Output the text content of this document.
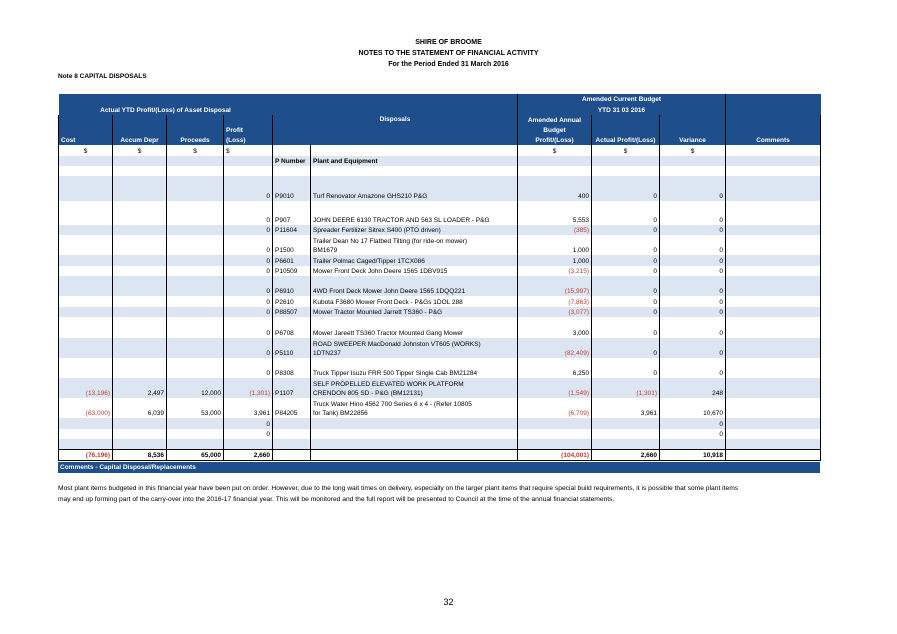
SHIRE OF BROOME
NOTES TO THE STATEMENT OF FINANCIAL ACTIVITY
For the Period Ended 31 March 2016
Note 8 CAPITAL DISPOSALS
						Amended Current Budget			
Actual YTD Profit/(Loss) of Asset Disposal						YTD 31 03 2016			
				Disposals		Amended Annual			
			Profit			Budget			
Cost	Accum Depr	Proceeds	(Loss)			Profit/(Loss)	Actual Profit/(Loss)	Variance	Comments
$	$	$	$			$	$	$	
				P Number	Plant and Equipment				

			0	P9010	Turf Renovator Amazone GHS210 P&G	400	0	0	

			0	P907	JOHN DEERE 6130 TRACTOR AND 563 SL LOADER - P&G	5,553	0	0	
			0	P11604	Spreader Fertilizer Sitrex S400 (PTO driven)	(385)	0	0	
			0	P1500	Trailer Dean No 17 Flatbed Tilting (for ride-on mower)
BM1679	1,000	0	0	
			0	P6601	Trailer Polmac Caged/Tipper 1TCX086	1,000	0	0	
			0	P10509	Mower Front Deck John Deere 1565 1DBV915	(3,215)	0	0	

			0	P6910	4WD Front Deck Mower John Deere 1565 1DQQ221	(15,997)	0	0	
			0	P2610	Kubota F3680 Mower Front Deck - P&Gs 1DOL 288	(7,863)	0	0	
			0	P88507	Mower Tractor Mounted Jarrett TS360 - P&G	(3,077)	0	0	

			0	P6708	Mower Jareett TS360 Tractor Mounted Gang Mower	3,000	0	0	
			0	P5110	ROAD SWEEPER MacDonald Johnston VT605 (WORKS)
1DTN237	(82,409)	0	0	

			0	P8308	Truck Tipper Isuzu FRR 500 Tipper Single Cab BM21284	6,250	0	0	
(13,196)	2,497	12,000	(1,301)	P1107	SELF PROPELLED ELEVATED WORK PLATFORM
CRENDON 805 SD - P&G (BM12131)	(1,549)	(1,301)	248	
(63,000)	6,039	53,000	3,961	P84205	Truck Water Hino 4562 700 Series 6 x 4 - (Refer 10805
for Tank) BM22856	(6,709)	3,961	10,670	
			0					0	
			0					0	

(76,196)	8,536	65,000	2,660			(104,001)	2,660	10,918	
Comments - Capital Disposal/Replacements
Most plant items budgeted in this financial year have been put on order. However, due to the long wait times on delivery, especially on the larger plant items that require special build requirements, it is possible that some plant items may end up forming part of the carry-over into the 2016-17 financial year. This will be monitored and the full report will be presented to Council at the time of the annual financial statements.
32
